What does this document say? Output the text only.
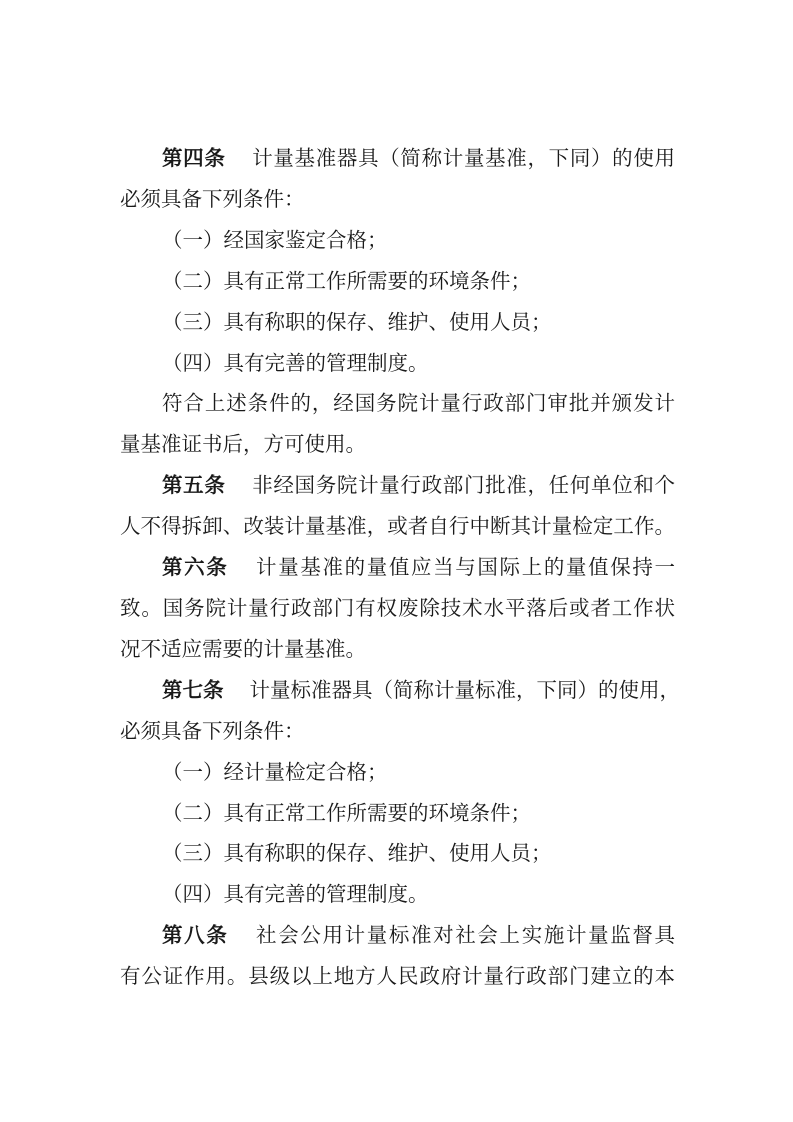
第四条 计量基准器具（简称计量基准，下同）的使用
必须具备下列条件：
（一）经国家鉴定合格；
（二）具有正常工作所需要的环境条件；
（三）具有称职的保存、维护、使用人员；
（四）具有完善的管理制度。
符合上述条件的，经国务院计量行政部门审批并颁发计
量基准证书后，方可使用。
第五条 非经国务院计量行政部门批准，任何单位和个
人不得拆卸、改装计量基准，或者自行中断其计量检定工作。
第六条 计量基准的量值应当与国际上的量值保持一
致。国务院计量行政部门有权废除技术水平落后或者工作状
况不适应需要的计量基准。
第七条 计量标准器具（简称计量标准，下同）的使用，
必须具备下列条件：
（一）经计量检定合格；
（二）具有正常工作所需要的环境条件；
（三）具有称职的保存、维护、使用人员；
（四）具有完善的管理制度。
第八条 社会公用计量标准对社会上实施计量监督具
有公证作用。县级以上地方人民政府计量行政部门建立的本
